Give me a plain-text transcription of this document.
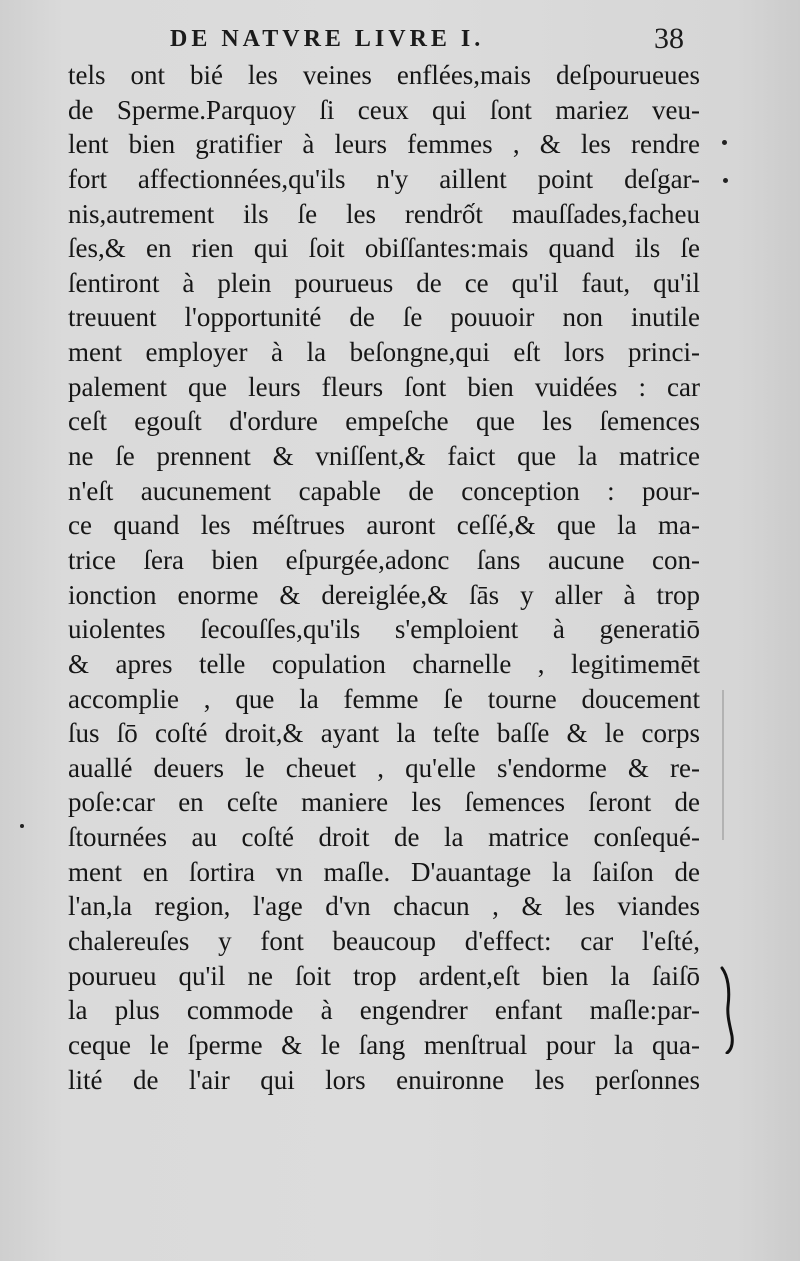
DE NATVRE LIVRE I.	38
tels ont bié les veines enflées,mais deſpourueues
de Sperme.Parquoy ſi ceux qui ſont mariez veu-
lent bien gratifier à leurs femmes , & les rendre
fort affectionnées,qu'ils n'y aillent point deſgar-
nis,autrement ils ſe les rendrốt mauſſades,facheu
ſes,& en rien qui ſoit obiſſantes:mais quand ils ſe
ſentiront à plein pourueus de ce qu'il faut, qu'il
treuuent l'opportunité de ſe pouuoir non inutile
ment employer à la beſongne,qui eſt lors princi-
palement que leurs fleurs ſont bien vuidées : car
ceſt egouſt d'ordure empeſche que les ſemences
ne ſe prennent & vniſſent,& faict que la matrice
n'eſt aucunement capable de conception : pour-
ce quand les méſtrues auront ceſſé,& que la ma-
trice ſera bien eſpurgée,adonc ſans aucune con-
ionction enorme & dereiglée,& ſās y aller à trop
uiolentes ſecouſſes,qu'ils s'emploient à generatiō
& apres telle copulation charnelle , legitimemēt
accomplie , que la femme ſe tourne doucement
ſus ſō coſté droit,& ayant la teſte baſſe & le corps
auallé deuers le cheuet , qu'elle s'endorme & re-
poſe:car en ceſte maniere les ſemences ſeront de
ſtournées au coſté droit de la matrice conſequé-
ment en ſortira vn maſle. D'auantage la ſaiſon de
l'an,la region, l'age d'vn chacun , & les viandes
chalereuſes y font beaucoup d'effect: car l'eſté,
pourueu qu'il ne ſoit trop ardent,eſt bien la ſaiſō
la plus commode à engendrer enfant maſle:par-
ceque le ſperme & le ſang menſtrual pour la qua-
lité de l'air qui lors enuironne les perſonnes
